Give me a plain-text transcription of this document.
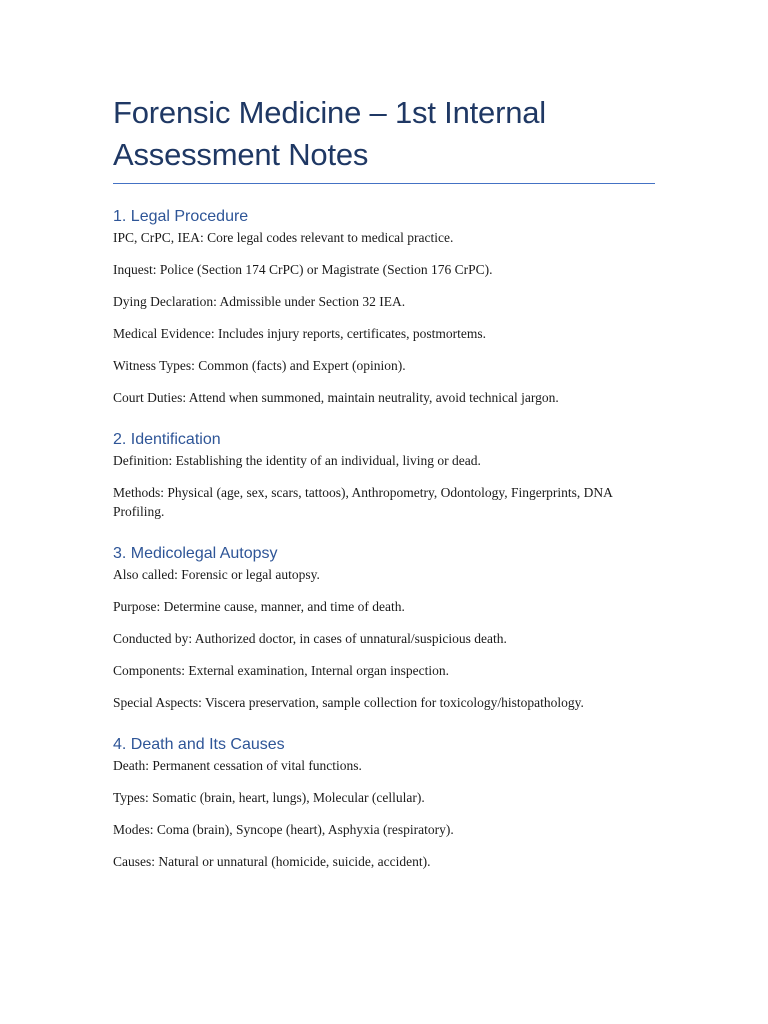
Forensic Medicine – 1st Internal Assessment Notes
1. Legal Procedure

IPC, CrPC, IEA: Core legal codes relevant to medical practice.

Inquest: Police (Section 174 CrPC) or Magistrate (Section 176 CrPC).

Dying Declaration: Admissible under Section 32 IEA.

Medical Evidence: Includes injury reports, certificates, postmortems.

Witness Types: Common (facts) and Expert (opinion).

Court Duties: Attend when summoned, maintain neutrality, avoid technical jargon.

2. Identification

Definition: Establishing the identity of an individual, living or dead.

Methods: Physical (age, sex, scars, tattoos), Anthropometry, Odontology, Fingerprints, DNA Profiling.

3. Medicolegal Autopsy

Also called: Forensic or legal autopsy.

Purpose: Determine cause, manner, and time of death.

Conducted by: Authorized doctor, in cases of unnatural/suspicious death.

Components: External examination, Internal organ inspection.

Special Aspects: Viscera preservation, sample collection for toxicology/histopathology.

4. Death and Its Causes

Death: Permanent cessation of vital functions.

Types: Somatic (brain, heart, lungs), Molecular (cellular).

Modes: Coma (brain), Syncope (heart), Asphyxia (respiratory).

Causes: Natural or unnatural (homicide, suicide, accident).
